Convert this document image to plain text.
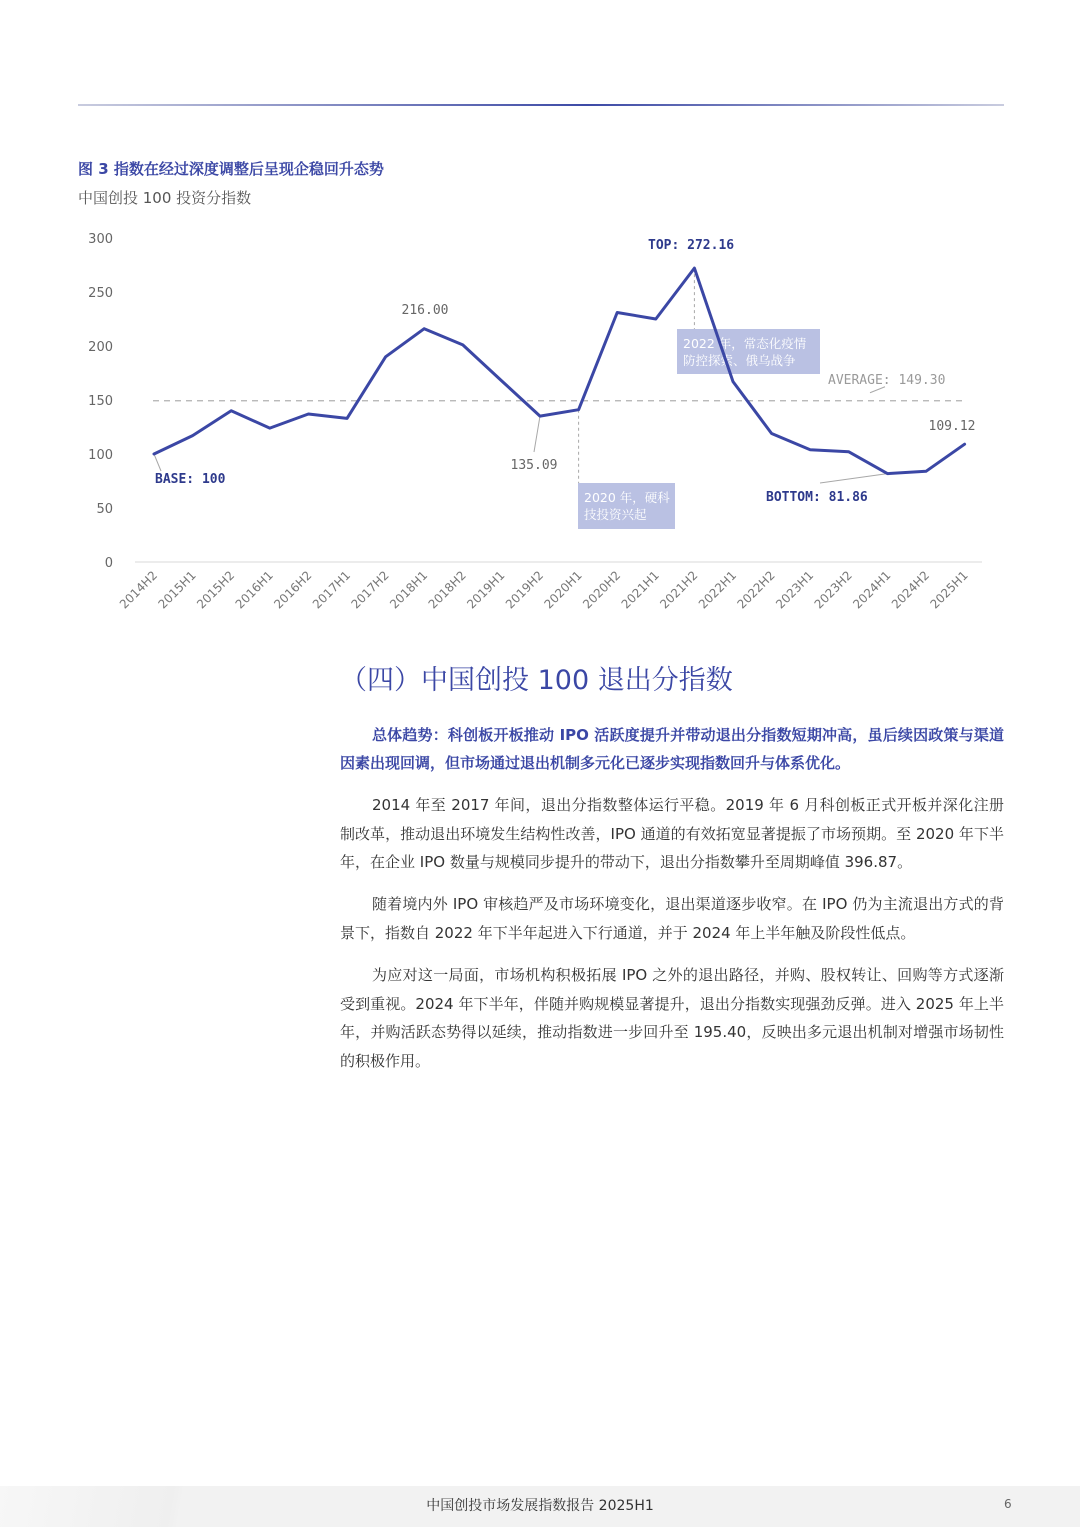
图 3 指数在经过深度调整后呈现企稳回升态势
中国创投 100 投资分指数
0
50
100
150
200
250
300
2014H2
2015H1
2015H2
2016H1
2016H2
2017H1
2017H2
2018H1
2018H2
2019H1
2019H2
2020H1
2020H2
2021H1
2021H2
2022H1
2022H2
2023H1
2023H2
2024H1
2024H2
2025H1
2020 年，硬科
技投资兴起
2022 年，常态化疫情
防控探索、俄乌战争
BASE: 100
TOP: 272.16
216.00
135.09
AVERAGE: 149.30
BOTTOM: 81.86
109.12
（四）中国创投 100 退出分指数

总体趋势：科创板开板推动 IPO 活跃度提升并带动退出分指数短期冲高，虽后续因政策与渠道因素出现回调，但市场通过退出机制多元化已逐步实现指数回升与体系优化。

2014 年至 2017 年间，退出分指数整体运行平稳。2019 年 6 月科创板正式开板并深化注册制改革，推动退出环境发生结构性改善，IPO 通道的有效拓宽显著提振了市场预期。至 2020 年下半年，在企业 IPO 数量与规模同步提升的带动下，退出分指数攀升至周期峰值 396.87。

随着境内外 IPO 审核趋严及市场环境变化，退出渠道逐步收窄。在 IPO 仍为主流退出方式的背景下，指数自 2022 年下半年起进入下行通道，并于 2024 年上半年触及阶段性低点。

为应对这一局面，市场机构积极拓展 IPO 之外的退出路径，并购、股权转让、回购等方式逐渐受到重视。2024 年下半年，伴随并购规模显著提升，退出分指数实现强劲反弹。进入 2025 年上半年，并购活跃态势得以延续，推动指数进一步回升至 195.40，反映出多元退出机制对增强市场韧性的积极作用。

中国创投市场发展指数报告 2025H1	6
